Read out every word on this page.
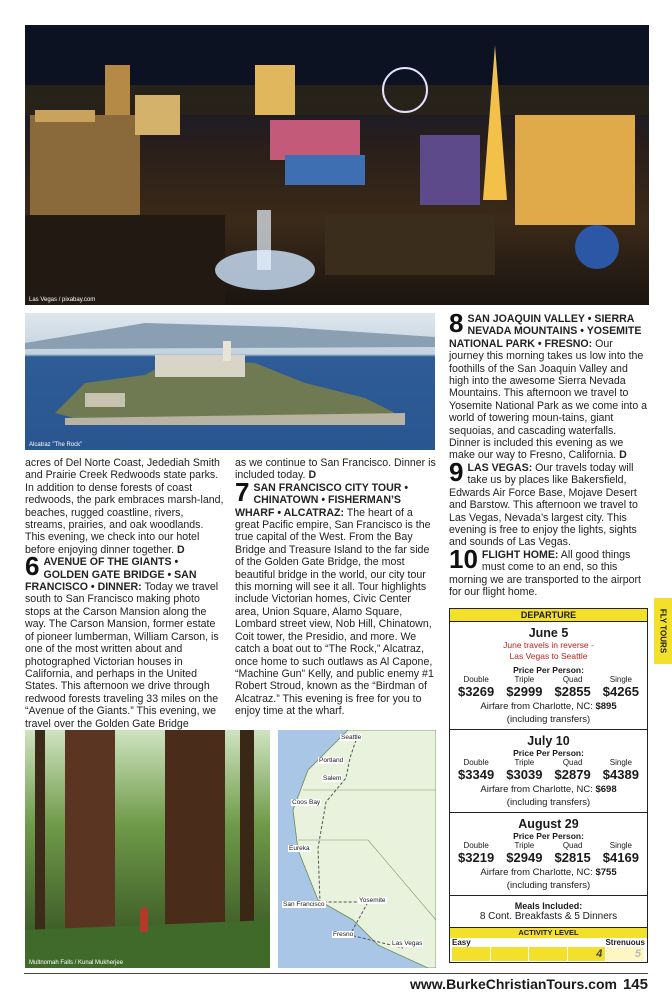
Las Vegas / pixabay.com
Alcatraz "The Rock"

acres of Del Norte Coast, Jedediah Smith and Prairie Creek Redwoods state parks. In addition to dense forests of coast redwoods, the park embraces marsh-land, beaches, rugged coastline, rivers, streams, prairies, and oak woodlands. This evening, we check into our hotel before enjoying dinner together. D

6 AVENUE OF THE GIANTS • GOLDEN GATE BRIDGE • SAN FRANCISCO • DINNER: Today we travel south to San Francisco making photo stops at the Carson Mansion along the way. The Carson Mansion, former estate of pioneer lumberman, William Carson, is one of the most written about and photographed Victorian houses in California, and perhaps in the United States. This afternoon we drive through redwood forests traveling 33 miles on the “Avenue of the Giants.” This evening, we travel over the Golden Gate Bridge

as we continue to San Francisco. Dinner is included today. D

7 SAN FRANCISCO CITY TOUR • CHINATOWN • FISHERMAN’S WHARF • ALCATRAZ: The heart of a great Pacific empire, San Francisco is the true capital of the West. From the Bay Bridge and Treasure Island to the far side of the Golden Gate Bridge, the most beautiful bridge in the world, our city tour this morning will see it all. Tour highlights include Victorian homes, Civic Center area, Union Square, Alamo Square, Lombard street view, Nob Hill, Chinatown, Coit tower, the Presidio, and more. We catch a boat out to “The Rock,” Alcatraz, once home to such outlaws as Al Capone, “Machine Gun” Kelly, and public enemy #1 Robert Stroud, known as the “Birdman of Alcatraz.” This evening is free for you to enjoy time at the wharf.

8 SAN JOAQUIN VALLEY • SIERRA NEVADA MOUNTAINS • YOSEMITE NATIONAL PARK • FRESNO: Our journey this morning takes us low into the foothills of the San Joaquin Valley and high into the awesome Sierra Nevada Mountains. This afternoon we travel to Yosemite National Park as we come into a world of towering moun-tains, giant sequoias, and cascading waterfalls. Dinner is included this evening as we make our way to Fresno, California. D

9 LAS VEGAS: Our travels today will take us by places like Bakersfield, Edwards Air Force Base, Mojave Desert and Barstow. This afternoon we travel to Las Vegas, Nevada’s largest city. This evening is free to enjoy the lights, sights and sounds of Las Vegas.

10 FLIGHT HOME: All good things must come to an end, so this morning we are transported to the airport for our flight home.

Multnomah Falls / Kunal Mukherjee
Seattle
Portland
Salem
Coos Bay
Eureka
San Francisco
Yosemite
Fresno
Las Vegas
DEPARTURE
June 5
June travels in reverse -
Las Vegas to Seattle
Price Per Person:
Double	Triple	Quad	Single
$3269 $2999 $2855 $4265
Airfare from Charlotte, NC: $895
(including transfers)
July 10
Price Per Person:
Double	Triple	Quad	Single
$3349 $3039 $2879 $4389
Airfare from Charlotte, NC: $698
(including transfers)
August 29
Price Per Person:
Double	Triple	Quad	Single
$3219 $2949 $2815 $4169
Airfare from Charlotte, NC: $755
(including transfers)
Meals Included:
8 Cont. Breakfasts & 5 Dinners
ACTIVITY LEVEL
Easy	Strenuous
4	5
FLY TOURS
www.BurkeChristianTours.com 145
